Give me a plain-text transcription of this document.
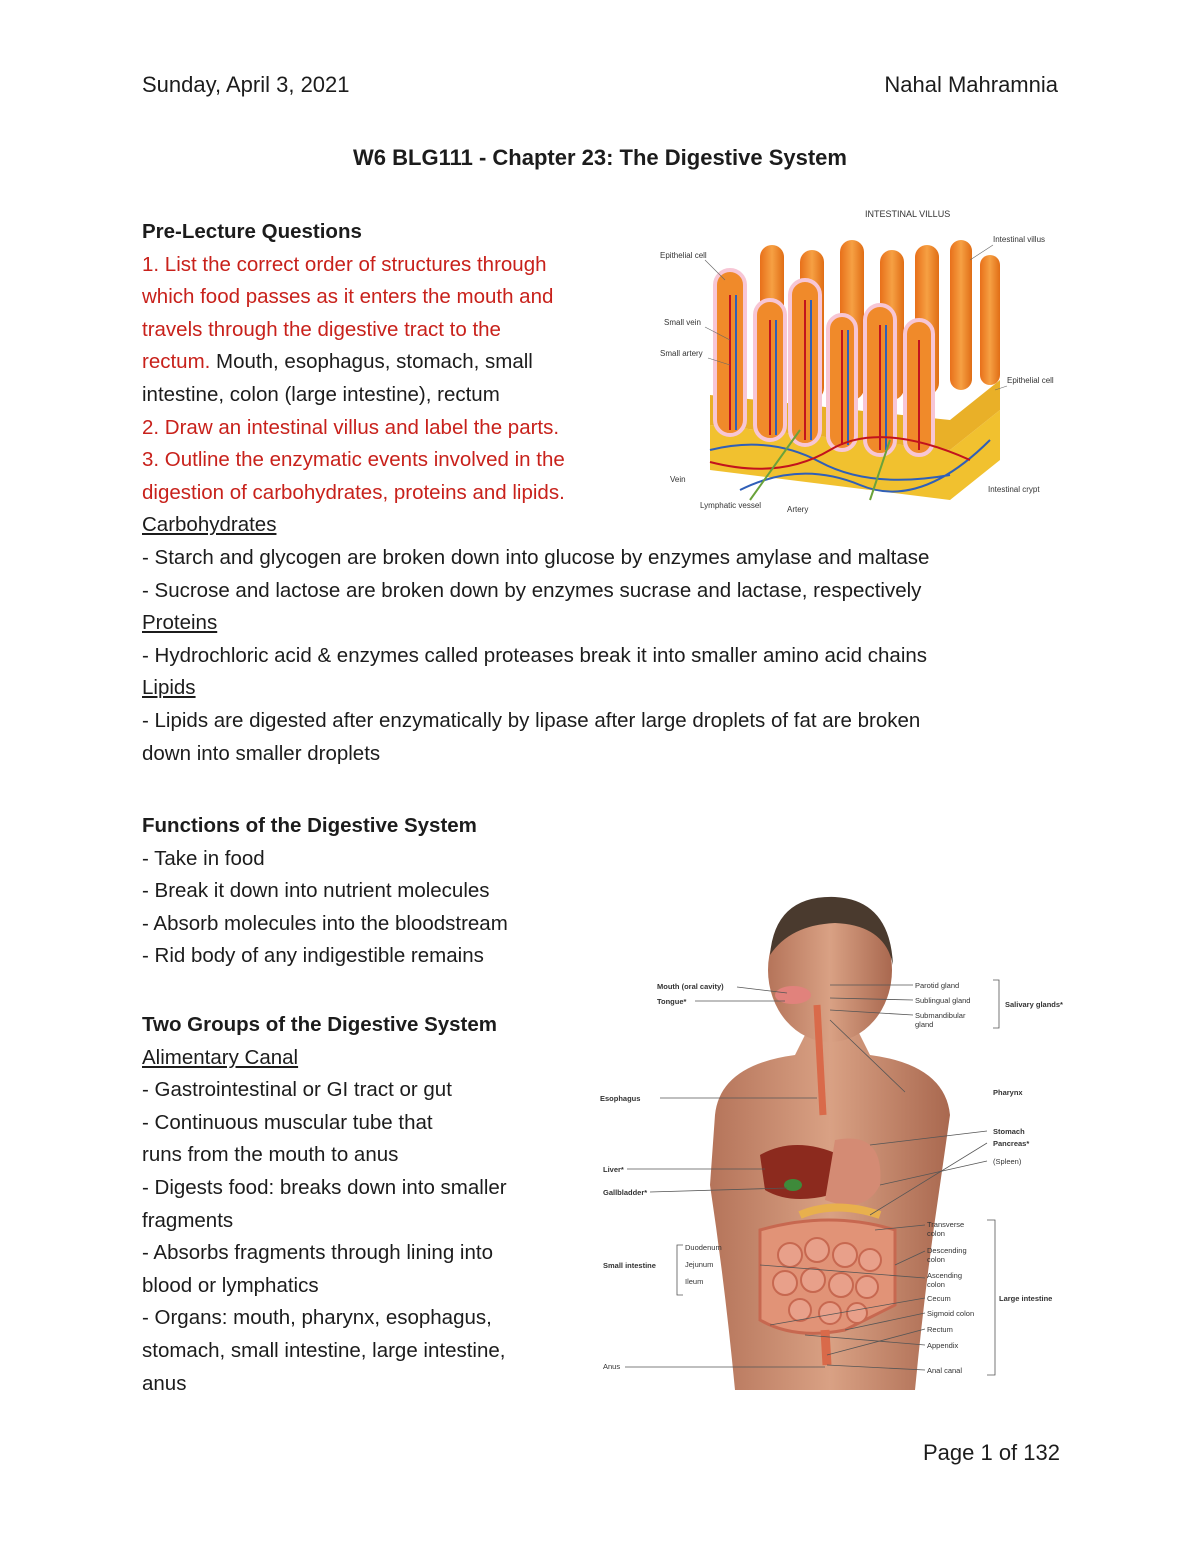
Sunday, April 3, 2021	Nahal Mahramnia
W6 BLG111 - Chapter 23: The Digestive System
Pre-Lecture Questions
1. List the correct order of structures through
which food passes as it enters the mouth and
travels through the digestive tract to the
rectum. Mouth, esophagus, stomach, small
intestine, colon (large intestine), rectum
2. Draw an intestinal villus and label the parts.
3. Outline the enzymatic events involved in the
digestion of carbohydrates, proteins and lipids.
Carbohydrates
- Starch and glycogen are broken down into glucose by enzymes amylase and maltase
- Sucrose and lactose are broken down by enzymes sucrase and lactase, respectively
Proteins
- Hydrochloric acid & enzymes called proteases break it into smaller amino acid chains
Lipids
- Lipids are digested after enzymatically by lipase after large droplets of fat are broken
down into smaller droplets
Functions of the Digestive System
- Take in food
- Break it down into nutrient molecules
- Absorb molecules into the bloodstream
- Rid body of any indigestible remains
Two Groups of the Digestive System
Alimentary Canal
- Gastrointestinal or GI tract or gut
- Continuous muscular tube that
runs from the mouth to anus
- Digests food: breaks down into smaller
fragments
- Absorbs fragments through lining into
blood or lymphatics
- Organs: mouth, pharynx, esophagus,
stomach, small intestine, large intestine,
anus
INTESTINAL VILLUS
Epithelial cell
Small vein
Small artery
Intestinal villus
Epithelial cell
Vein
Lymphatic vessel	Artery
Intestinal crypt
Mouth (oral cavity)
Tongue*
Esophagus
Liver*
Gallbladder*
Small intestine
Anus
Duodenum
Jejunum
Ileum
Parotid gland
Sublingual gland
Submandibular
gland
(Spleen)
Transverse
colon
Descending
colon
Ascending
colon
Cecum
Sigmoid colon
Rectum
Appendix
Anal canal
Salivary glands*
Pharynx
Stomach
Pancreas*
Large intestine
Page 1 of 132
